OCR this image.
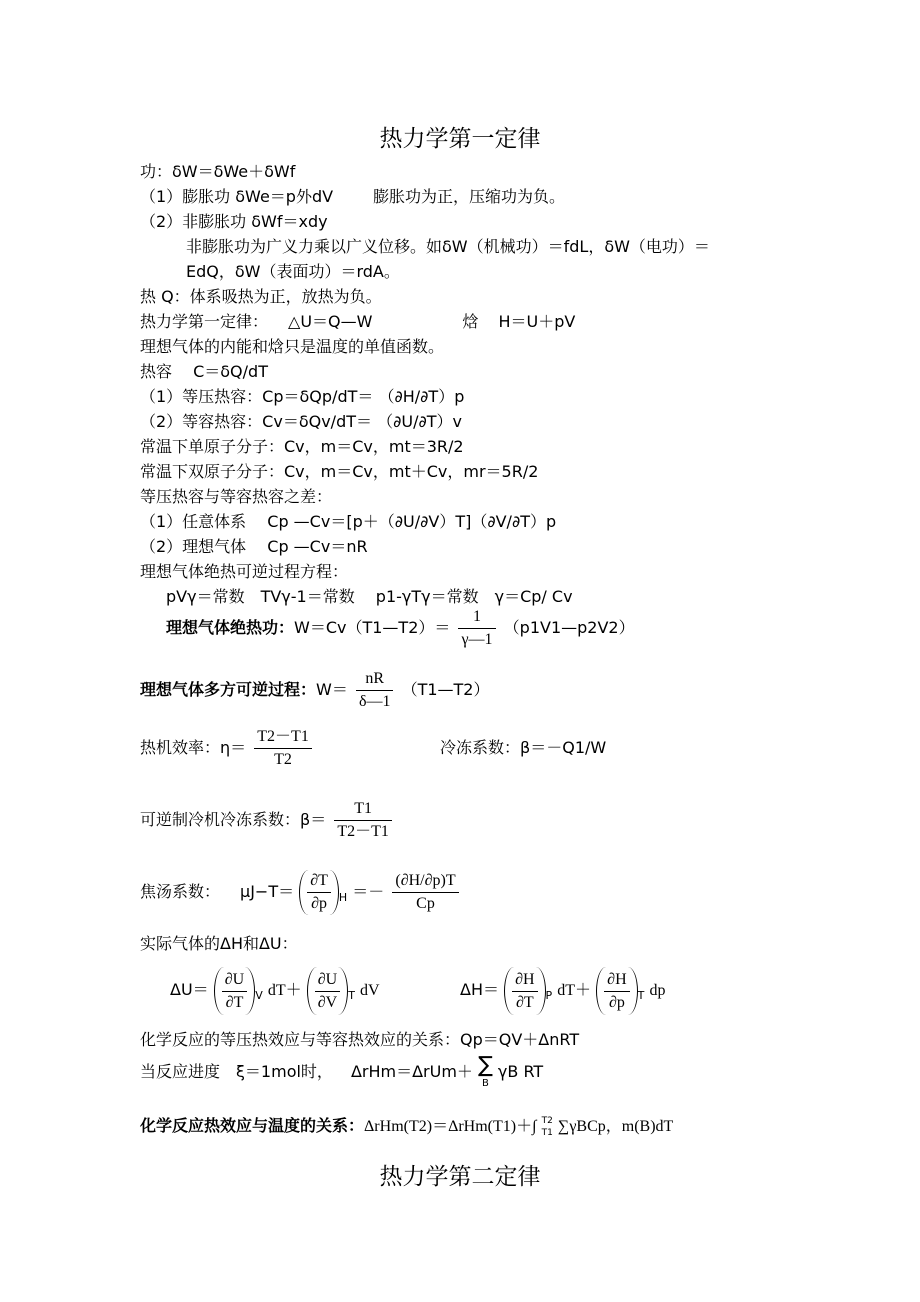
热力学第一定律
功：δW＝δWe＋δWf
（1）膨胀功 δWe＝p外dV	膨胀功为正，压缩功为负。
（2）非膨胀功 δWf＝xdy
非膨胀功为广义力乘以广义位移。如δW（机械功）＝fdL，δW（电功）＝
EdQ，δW（表面功）＝rdA。
热 Q：体系吸热为正，放热为负。
热力学第一定律： △U＝Q—W	焓 H＝U＋pV
理想气体的内能和焓只是温度的单值函数。
热容　 C＝δQ/dT
（1）等压热容：Cp＝δQp/dT＝ （∂H/∂T）p
（2）等容热容：Cv＝δQv/dT＝ （∂U/∂T）v
常温下单原子分子：Cv，m＝Cv，mt＝3R/2
常温下双原子分子：Cv，m＝Cv，mt＋Cv，mr＝5R/2
等压热容与等容热容之差：
（1）任意体系　 Cp —Cv＝[p＋（∂U/∂V）T]（∂V/∂T）p
（2）理想气体　 Cp —Cv＝nR
理想气体绝热可逆过程方程：
pVγ＝常数　TVγ-1＝常数　 p1-γTγ＝常数　γ＝Cp/ Cv
理想气体绝热功：W＝Cv（T1—T2）＝ $\frac{1}{\gamma—1}$ （p1V1—p2V2）
理想气体多方可逆过程：$W= \frac{nR}{\delta—1}$ （T1—T2）
热机效率：$\eta= \frac{T2-T1}{T2}$	冷冻系数：β＝－Q1/W
可逆制冷机冷冻系数：$\beta= \frac{T1}{T2-T1}$
焦汤系数： $\mu J-T= \frac{\partial T}{\partial p} _H =- \frac{(\partial H/\partial p)T}{Cp}$
实际气体的ΔH和ΔU：
$\Delta U= \frac{\partial U}{\partial T} _V$ $dT+ \frac{\partial U}{\partial V} _T$ dV	$\Delta H= \frac{\partial H}{\partial T} _P$ $dT+ \frac{\partial H}{\partial p} _T$ dp
化学反应的等压热效应与等容热效应的关系：Qp＝QV＋ΔnRT
当反应进度　ξ＝1mol时， ΔrHm＝ΔrUm＋ ∑
B
γB RT
化学反应热效应与温度的关系：ΔrHm(T2)＝ΔrHm(T1)＋∫ T2
T1 ∑γBCp，m(B)dT
热力学第二定律
